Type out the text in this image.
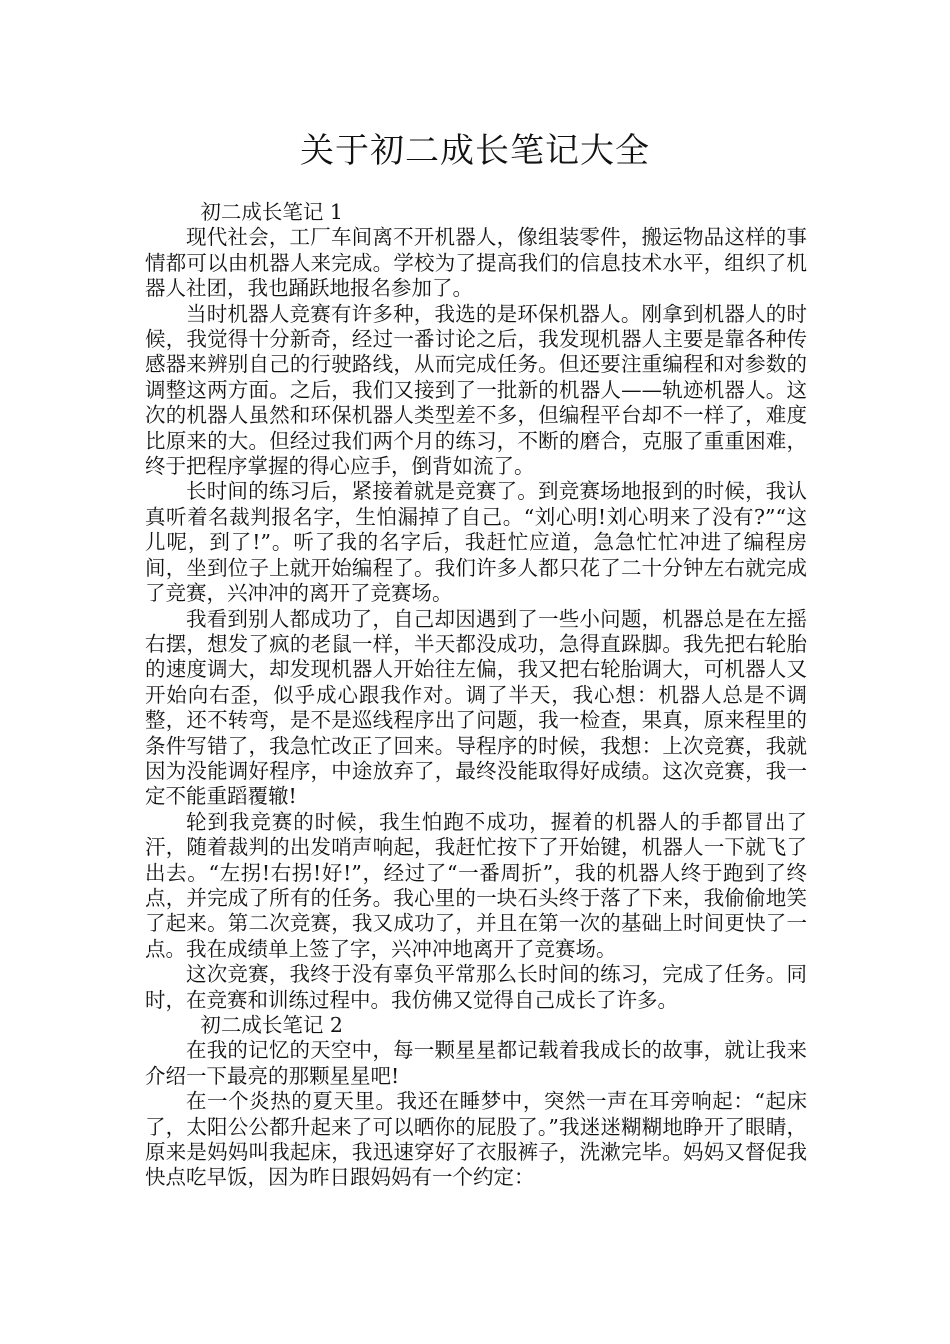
关于初二成长笔记大全

初二成长笔记 1

现代社会，工厂车间离不开机器人，像组装零件，搬运物品这样的事情都可以由机器人来完成。学校为了提高我们的信息技术水平，组织了机器人社团，我也踊跃地报名参加了。

当时机器人竞赛有许多种，我选的是环保机器人。刚拿到机器人的时候，我觉得十分新奇，经过一番讨论之后，我发现机器人主要是靠各种传感器来辨别自己的行驶路线，从而完成任务。但还要注重编程和对参数的调整这两方面。之后，我们又接到了一批新的机器人——轨迹机器人。这次的机器人虽然和环保机器人类型差不多，但编程平台却不一样了，难度比原来的大。但经过我们两个月的练习，不断的磨合，克服了重重困难，终于把程序掌握的得心应手，倒背如流了。

长时间的练习后，紧接着就是竞赛了。到竞赛场地报到的时候，我认真听着名裁判报名字，生怕漏掉了自己。“刘心明!刘心明来了没有?”“这儿呢，到了!”。听了我的名字后，我赶忙应道，急急忙忙冲进了编程房间，坐到位子上就开始编程了。我们许多人都只花了二十分钟左右就完成了竞赛，兴冲冲的离开了竞赛场。

我看到别人都成功了，自己却因遇到了一些小问题，机器总是在左摇右摆，想发了疯的老鼠一样，半天都没成功，急得直跺脚。我先把右轮胎的速度调大，却发现机器人开始往左偏，我又把右轮胎调大，可机器人又开始向右歪，似乎成心跟我作对。调了半天，我心想：机器人总是不调整，还不转弯，是不是巡线程序出了问题，我一检查，果真，原来程里的条件写错了，我急忙改正了回来。导程序的时候，我想：上次竞赛，我就因为没能调好程序，中途放弃了，最终没能取得好成绩。这次竞赛，我一定不能重蹈覆辙!

轮到我竞赛的时候，我生怕跑不成功，握着的机器人的手都冒出了汗，随着裁判的出发哨声响起，我赶忙按下了开始键，机器人一下就飞了出去。“左拐!右拐!好!”，经过了“一番周折”，我的机器人终于跑到了终点，并完成了所有的任务。我心里的一块石头终于落了下来，我偷偷地笑了起来。第二次竞赛，我又成功了，并且在第一次的基础上时间更快了一点。我在成绩单上签了字，兴冲冲地离开了竞赛场。

这次竞赛，我终于没有辜负平常那么长时间的练习，完成了任务。同时，在竞赛和训练过程中。我仿佛又觉得自己成长了许多。

初二成长笔记 2

在我的记忆的天空中，每一颗星星都记载着我成长的故事，就让我来介绍一下最亮的那颗星星吧!

在一个炎热的夏天里。我还在睡梦中，突然一声在耳旁响起：“起床了，太阳公公都升起来了可以晒你的屁股了。”我迷迷糊糊地睁开了眼睛，原来是妈妈叫我起床，我迅速穿好了衣服裤子，洗漱完毕。妈妈又督促我快点吃早饭，因为昨日跟妈妈有一个约定：
